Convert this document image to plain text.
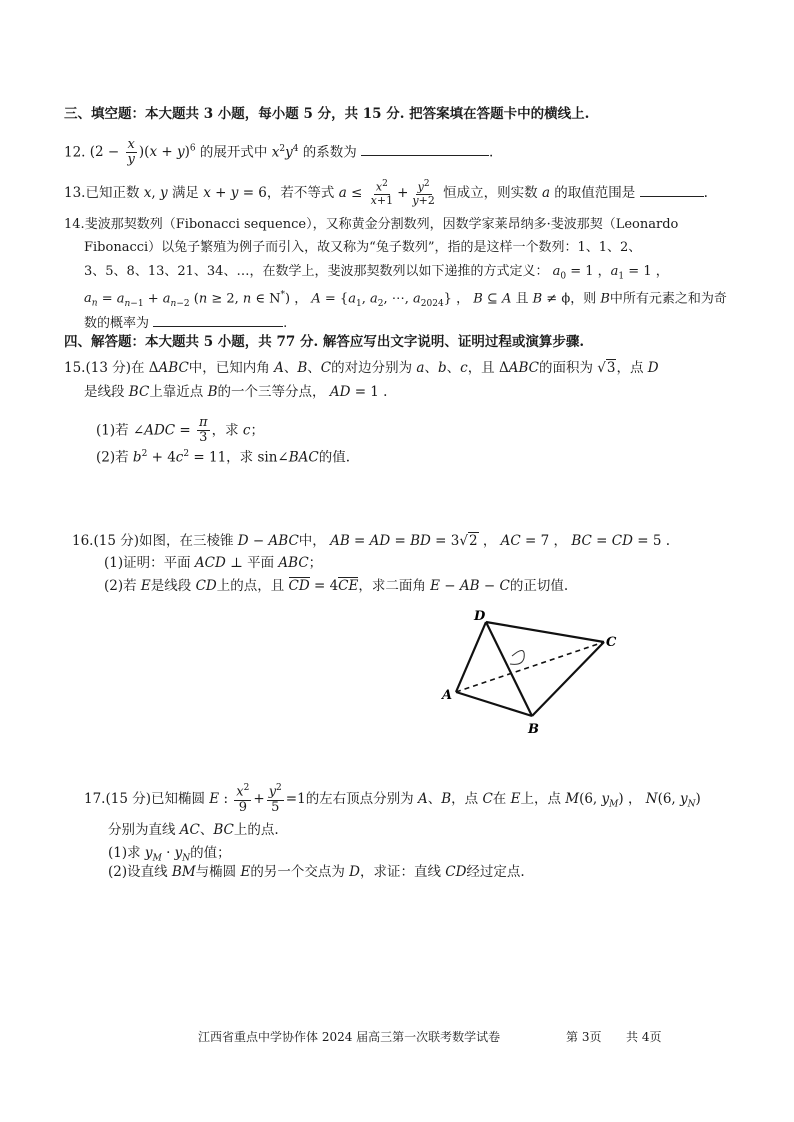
三、填空题：本大题共 3 小题，每小题 5 分，共 15 分. 把答案填在答题卡中的横线上.
12. $(2 - \frac{x}{y} )(x + y)^6$ 的展开式中 $x^2y^4$ 的系数为	.
13.已知正数 x, y 满足 x + y = 6，若不等式 $a \le \frac{x^2}{x+1} + \frac{y^2}{y+2}$ 恒成立，则实数 a 的取值范围是	.
14.斐波那契数列（Fibonacci sequence），又称黄金分割数列，因数学家莱昂纳多·斐波那契（Leonardo
Fibonacci）以兔子繁殖为例子而引入，故又称为“兔子数列”，指的是这样一个数列：1、1、2、
3、5、8、13、21、34、…，在数学上，斐波那契数列以如下递推的方式定义： $a_0 = 1$ ，$a_1 = 1$ ，
$a_n = a_{n-1} + a_{n-2}$ (n ≥ 2, n ∈ N*) ， $A = \{a_1$, $a_2$, ⋯, $a_{2024}$} ， B ⊆ A 且 B ≠ ϕ，则 B中所有元素之和为奇
数的概率为	.
四、解答题：本大题共 5 小题，共 77 分. 解答应写出文字说明、证明过程或演算步骤.
15.(13 分)在 ΔABC中，已知内角 A、B、C的对边分别为 a、b、c，且 ΔABC的面积为 √3，点 D
是线段 BC上靠近点 B的一个三等分点， AD = 1 .
(1)若 ∠ADC = $\frac{\pi}{3}$ ，求 c；
(2)若 $b^2 + 4c^2 = 11$，求 sin∠BAC的值.
16.(15 分)如图，在三棱锥 D − ABC中， AB = AD = BD = 3√2 ， AC = 7 ， BC = CD = 5 .
(1)证明：平面 ACD ⊥ 平面 ABC；
(2)若 E是线段 CD上的点，且 CD = 4CE，求二面角 E − AB − C的正切值.
D
C
A
B
17.(15 分)已知椭圆 E : $\frac{x^2}{9} + \frac{y^2}{5} =1$的左右顶点分别为 A、B，点 C在 E上，点 M(6, $y_M$) ， N(6, $y_N$)
分别为直线 AC、BC上的点.
(1)求 $y_M \cdot y_N$的值；
(2)设直线 BM与椭圆 E的另一个交点为 D，求证：直线 CD经过定点.
江西省重点中学协作体 2024 届高三第一次联考数学试卷	第 3页 共 4页
